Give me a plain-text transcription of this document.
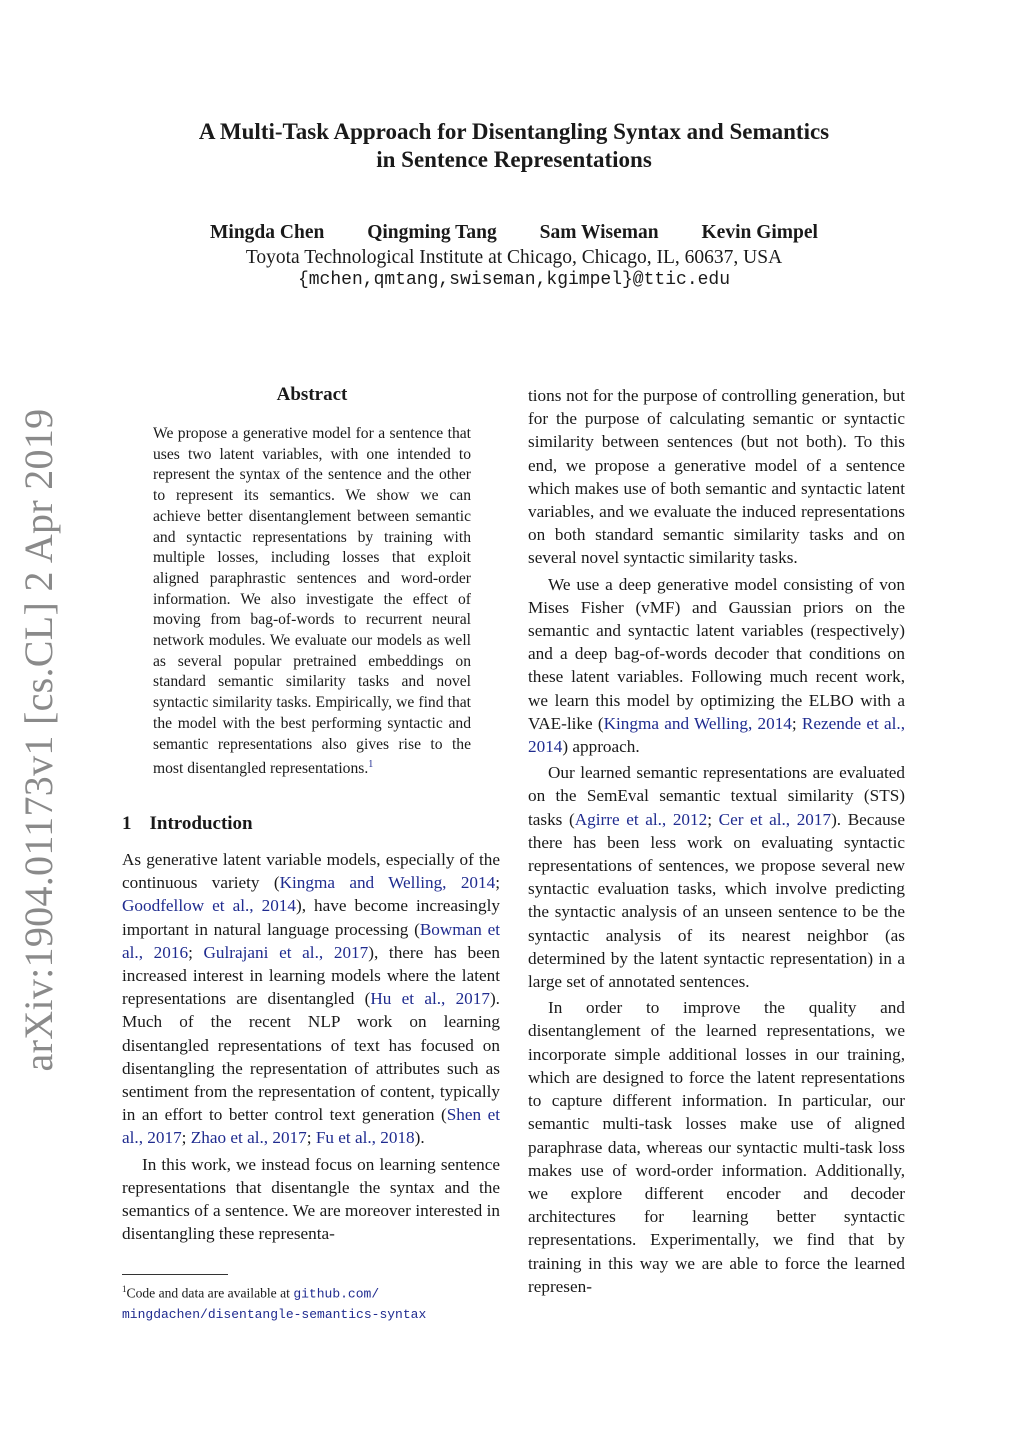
arXiv:1904.01173v1 [cs.CL] 2 Apr 2019
A Multi-Task Approach for Disentangling Syntax and Semantics
in Sentence Representations
Mingda Chen Qingming Tang Sam Wiseman Kevin Gimpel
Toyota Technological Institute at Chicago, Chicago, IL, 60637, USA
{mchen,qmtang,swiseman,kgimpel}@ttic.edu
Abstract
We propose a generative model for a sentence that uses two latent variables, with one intended to represent the syntax of the sentence and the other to represent its semantics. We show we can achieve better disentanglement between semantic and syntactic representations by training with multiple losses, including losses that exploit aligned paraphrastic sentences and word-order information. We also investigate the effect of moving from bag-of-words to recurrent neural network modules. We evaluate our models as well as several popular pretrained embeddings on standard semantic similarity tasks and novel syntactic similarity tasks. Empirically, we find that the model with the best performing syntactic and semantic representations also gives rise to the most disentangled representations.$^1$
1 Introduction

As generative latent variable models, especially of the continuous variety (Kingma and Welling, 2014; Goodfellow et al., 2014), have become increasingly important in natural language processing (Bowman et al., 2016; Gulrajani et al., 2017), there has been increased interest in learning models where the latent representations are disentangled (Hu et al., 2017). Much of the recent NLP work on learning disentangled representations of text has focused on disentangling the representation of attributes such as sentiment from the representation of content, typically in an effort to better control text generation (Shen et al., 2017; Zhao et al., 2017; Fu et al., 2018).

In this work, we instead focus on learning sentence representations that disentangle the syntax and the semantics of a sentence. We are moreover interested in disentangling these representa-

tions not for the purpose of controlling generation, but for the purpose of calculating semantic or syntactic similarity between sentences (but not both). To this end, we propose a generative model of a sentence which makes use of both semantic and syntactic latent variables, and we evaluate the induced representations on both standard semantic similarity tasks and on several novel syntactic similarity tasks.

We use a deep generative model consisting of von Mises Fisher (vMF) and Gaussian priors on the semantic and syntactic latent variables (respectively) and a deep bag-of-words decoder that conditions on these latent variables. Following much recent work, we learn this model by optimizing the ELBO with a VAE-like (Kingma and Welling, 2014; Rezende et al., 2014) approach.

Our learned semantic representations are evaluated on the SemEval semantic textual similarity (STS) tasks (Agirre et al., 2012; Cer et al., 2017). Because there has been less work on evaluating syntactic representations of sentences, we propose several new syntactic evaluation tasks, which involve predicting the syntactic analysis of an unseen sentence to be the syntactic analysis of its nearest neighbor (as determined by the latent syntactic representation) in a large set of annotated sentences.

In order to improve the quality and disentanglement of the learned representations, we incorporate simple additional losses in our training, which are designed to force the latent representations to capture different information. In particular, our semantic multi-task losses make use of aligned paraphrase data, whereas our syntactic multi-task loss makes use of word-order information. Additionally, we explore different encoder and decoder architectures for learning better syntactic representations. Experimentally, we find that by training in this way we are able to force the learned represen-

$^1$Code and data are available at github.com/
mingdachen/disentangle-semantics-syntax
